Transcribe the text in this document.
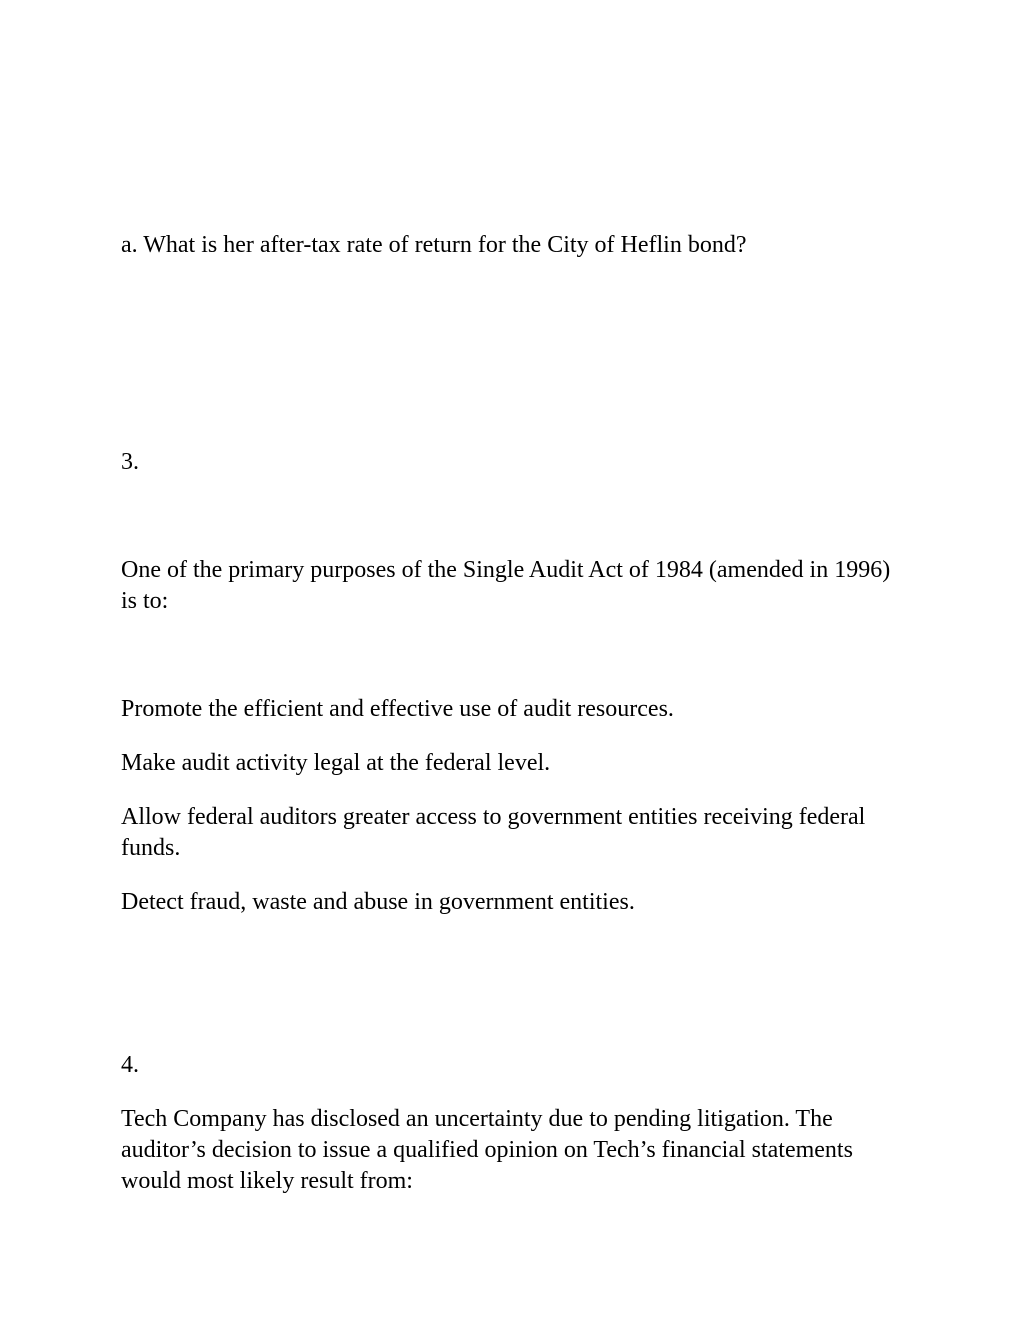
a. What is her after-tax rate of return for the City of Heflin bond?

3.

One of the primary purposes of the Single Audit Act of 1984 (amended in 1996) is to:

Promote the efficient and effective use of audit resources.

Make audit activity legal at the federal level.

Allow federal auditors greater access to government entities receiving federal funds.

Detect fraud, waste and abuse in government entities.

4.

Tech Company has disclosed an uncertainty due to pending litigation. The auditor’s decision to issue a qualified opinion on Tech’s financial statements would most likely result from:
